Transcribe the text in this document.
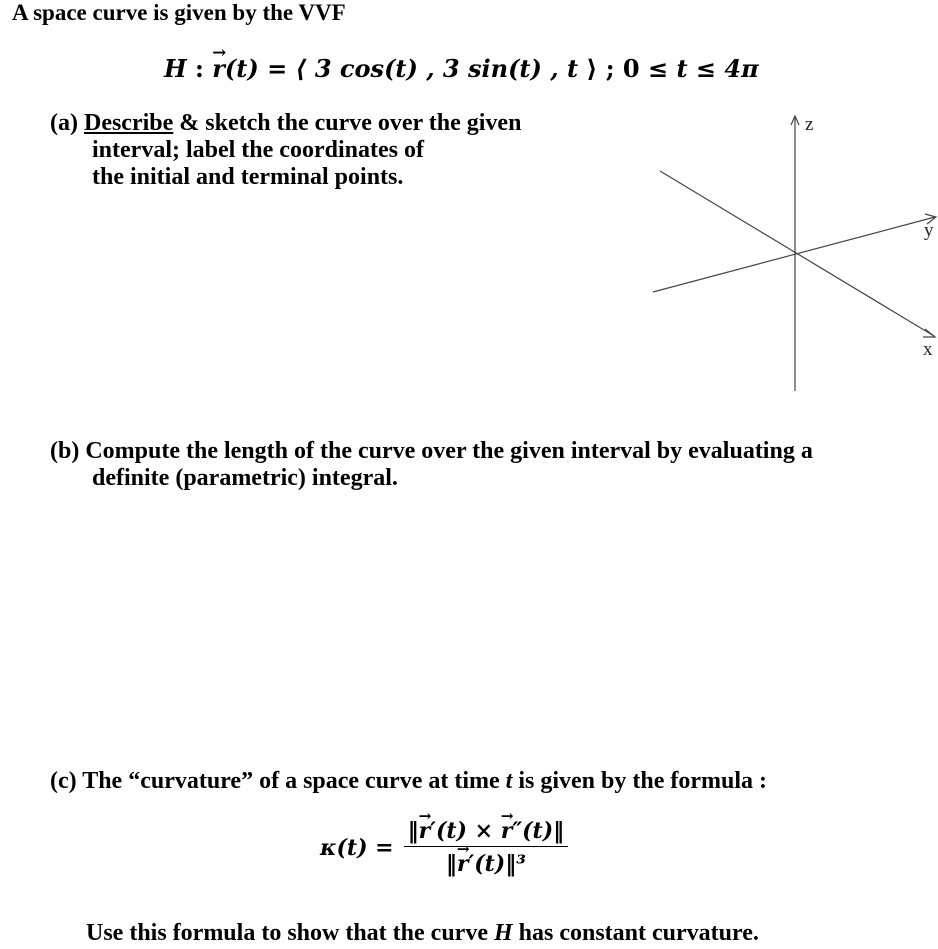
A space curve is given by the VVF
H : → r(t) = ⟨ 3 cos(t) , 3 sin(t) , t ⟩ ; 0 ≤ t ≤ 4π
(a) Describe & sketch the curve over the given
interval; label the coordinates of
the initial and terminal points.
z
y
x
(b) Compute the length of the curve over the given interval by evaluating a
definite (parametric) integral.
(c) The “curvature” of a space curve at time t is given by the formula :
$\kappa(t) = \frac{‖\to r'(t) \times \to r''(t)‖}{\text{‖→ r′(t)‖³}}$
Use this formula to show that the curve H has constant curvature.
